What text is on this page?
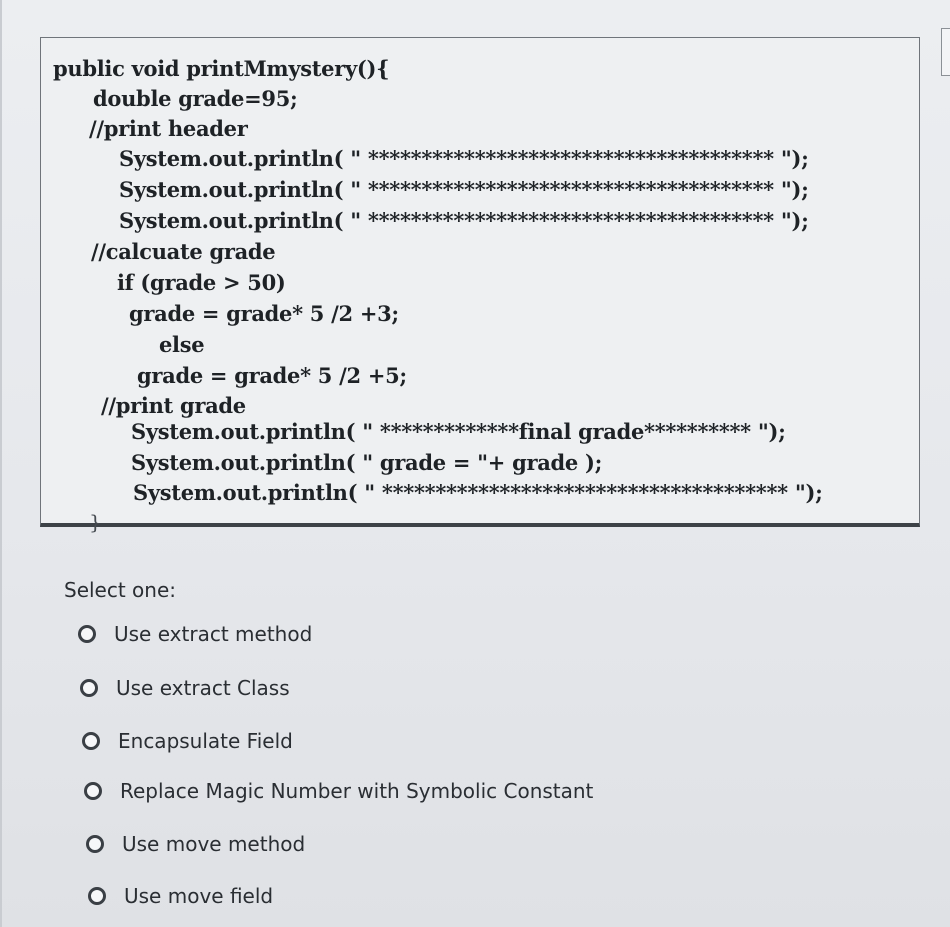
public void printMmystery(){
double grade=95;
//print header
System.out.println( " ************************************** ");
System.out.println( " ************************************** ");
System.out.println( " ************************************** ");
//calcuate grade
if (grade > 50)
grade = grade* 5 /2 +3;
else
grade = grade* 5 /2 +5;
//print grade
System.out.println( " *************final grade********** ");
System.out.println( " grade = "+ grade );
System.out.println( " ************************************** ");
}
Select one:
Use extract method
Use extract Class
Encapsulate Field
Replace Magic Number with Symbolic Constant
Use move method
Use move field
